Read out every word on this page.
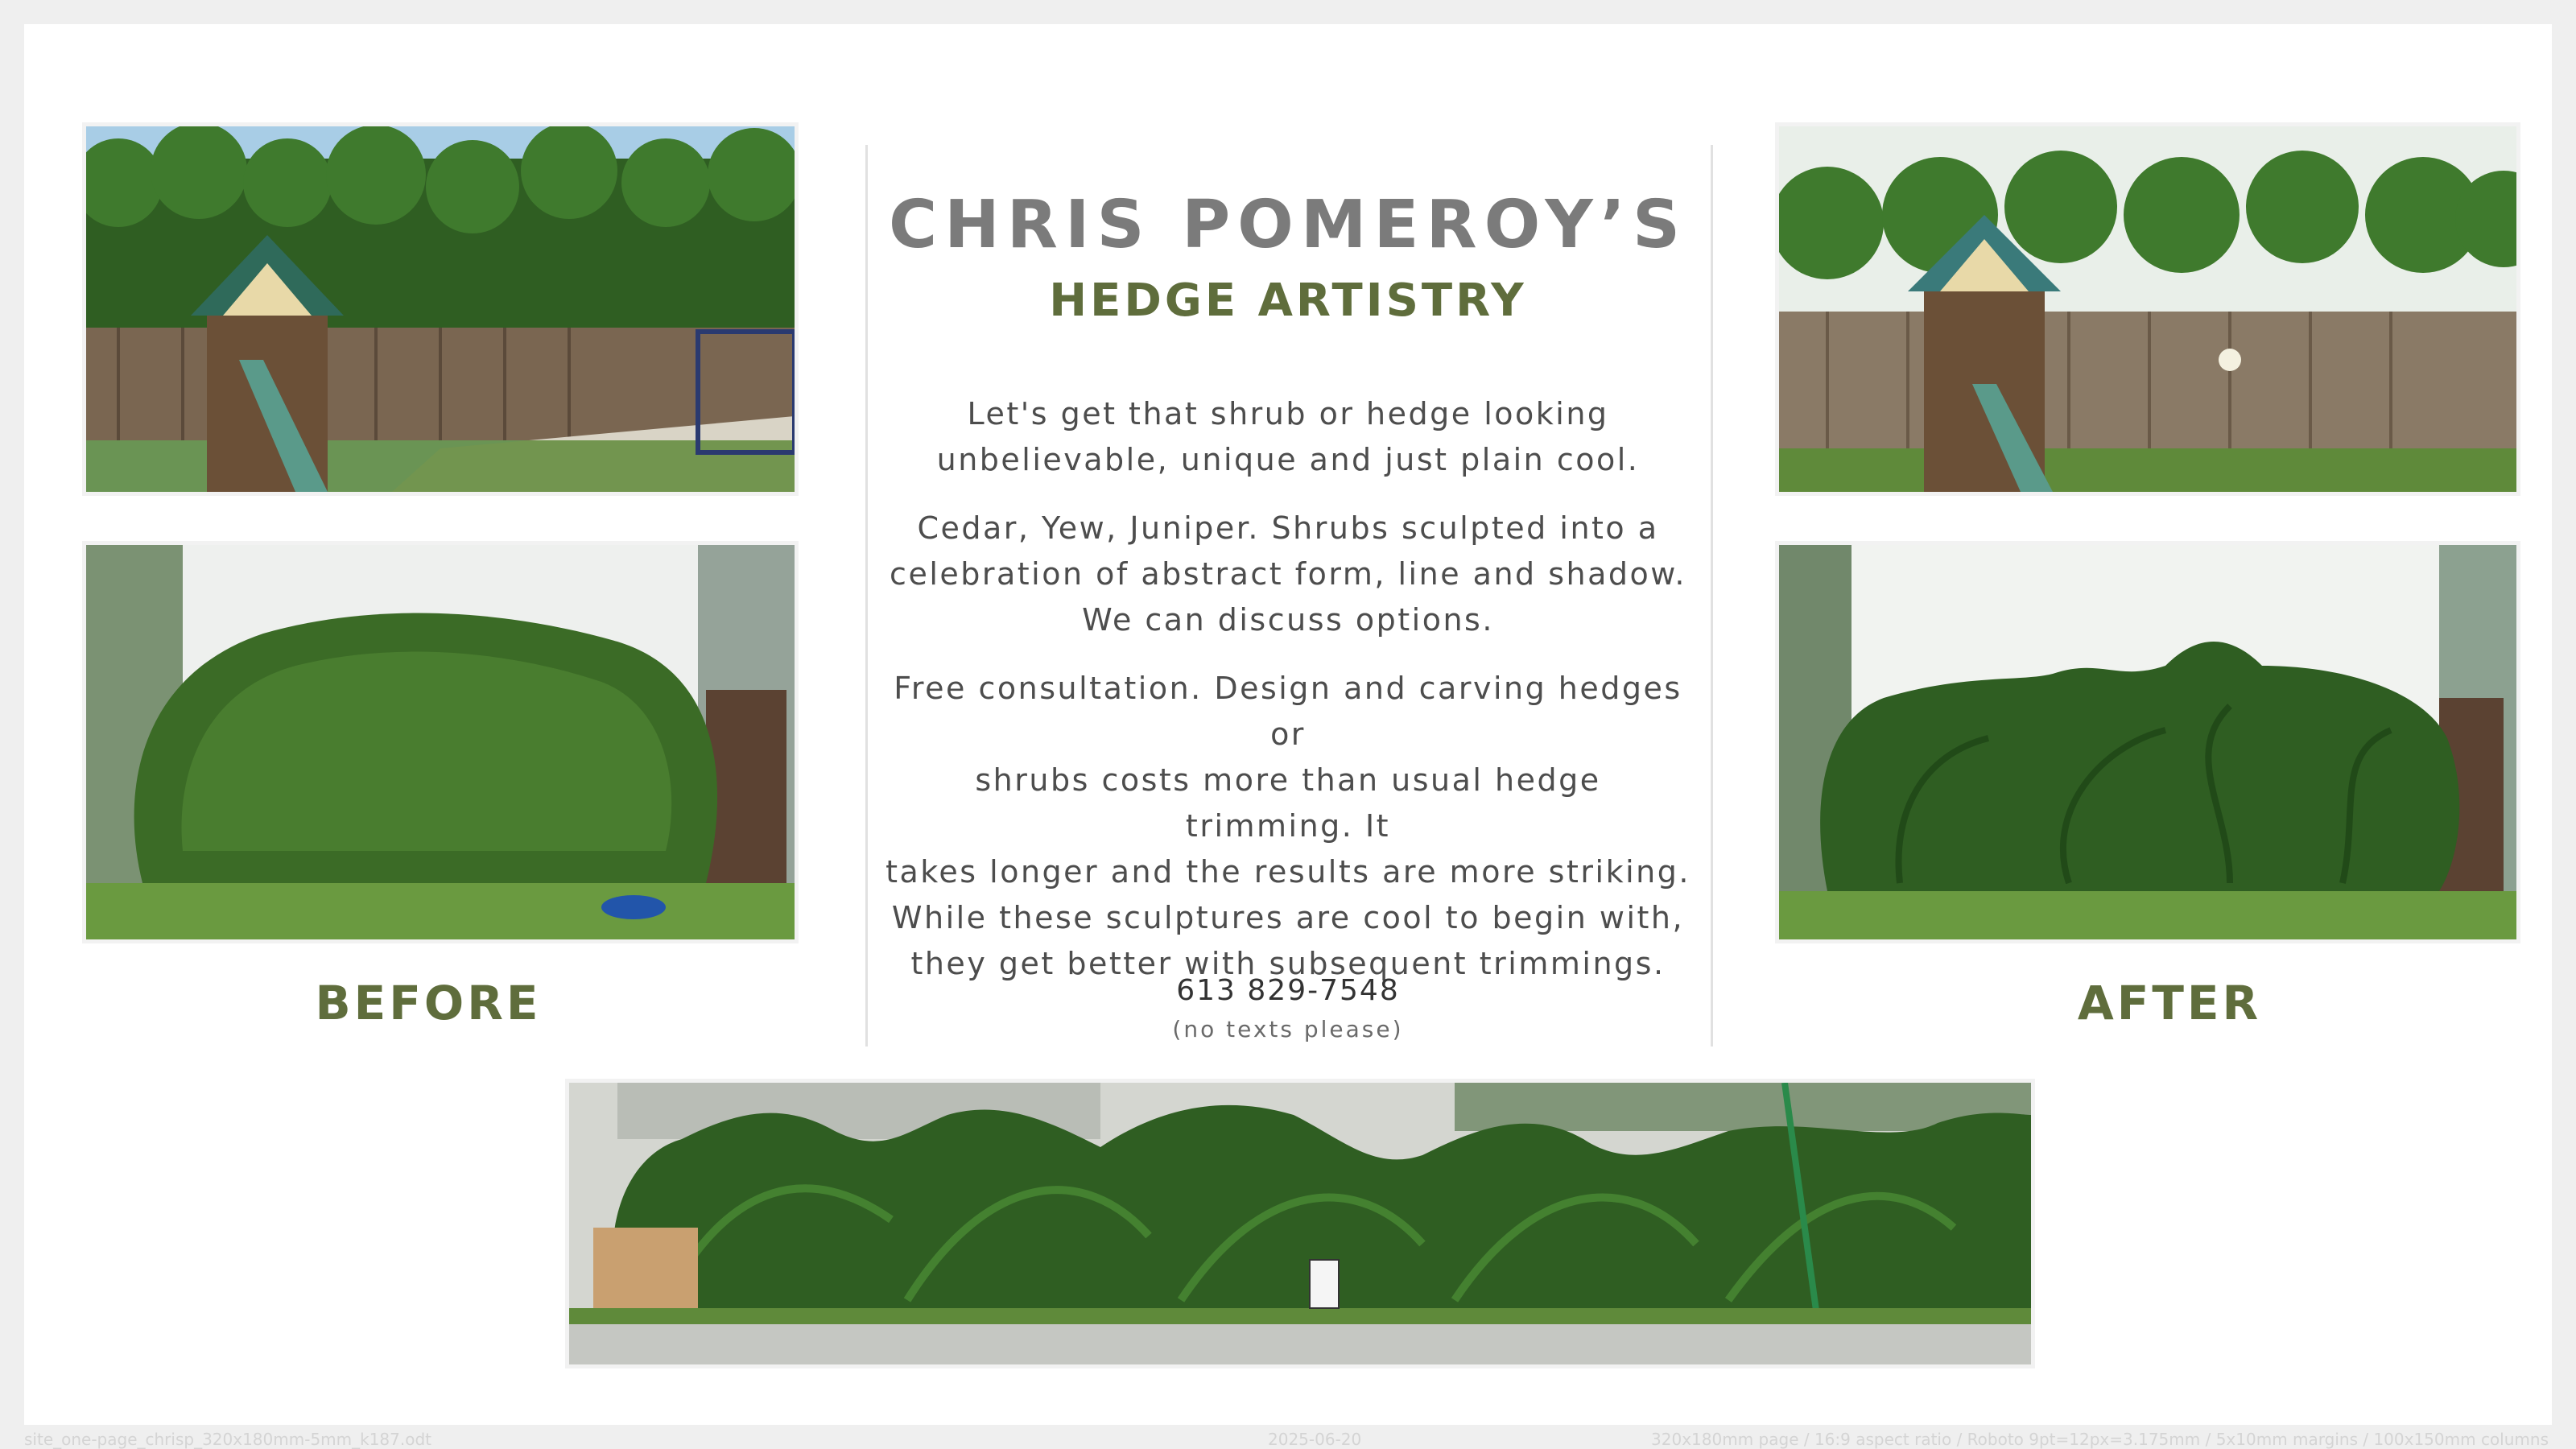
CHRIS POMEROY’S
HEDGE ARTISTRY
Let's get that shrub or hedge looking
unbelievable, unique and just plain cool.
Cedar, Yew, Juniper. Shrubs sculpted into a
celebration of abstract form, line and shadow.
We can discuss options.
Free consultation. Design and carving hedges or
shrubs costs more than usual hedge trimming. It
takes longer and the results are more striking.
While these sculptures are cool to begin with,
they get better with subsequent trimmings.
613 829-7548
(no texts please)
BEFORE	AFTER
site_one-page_chrisp_320x180mm-5mm_k187.odt	2025-06-20	320x180mm page / 16:9 aspect ratio / Roboto 9pt=12px=3.175mm / 5x10mm margins / 100x150mm columns
